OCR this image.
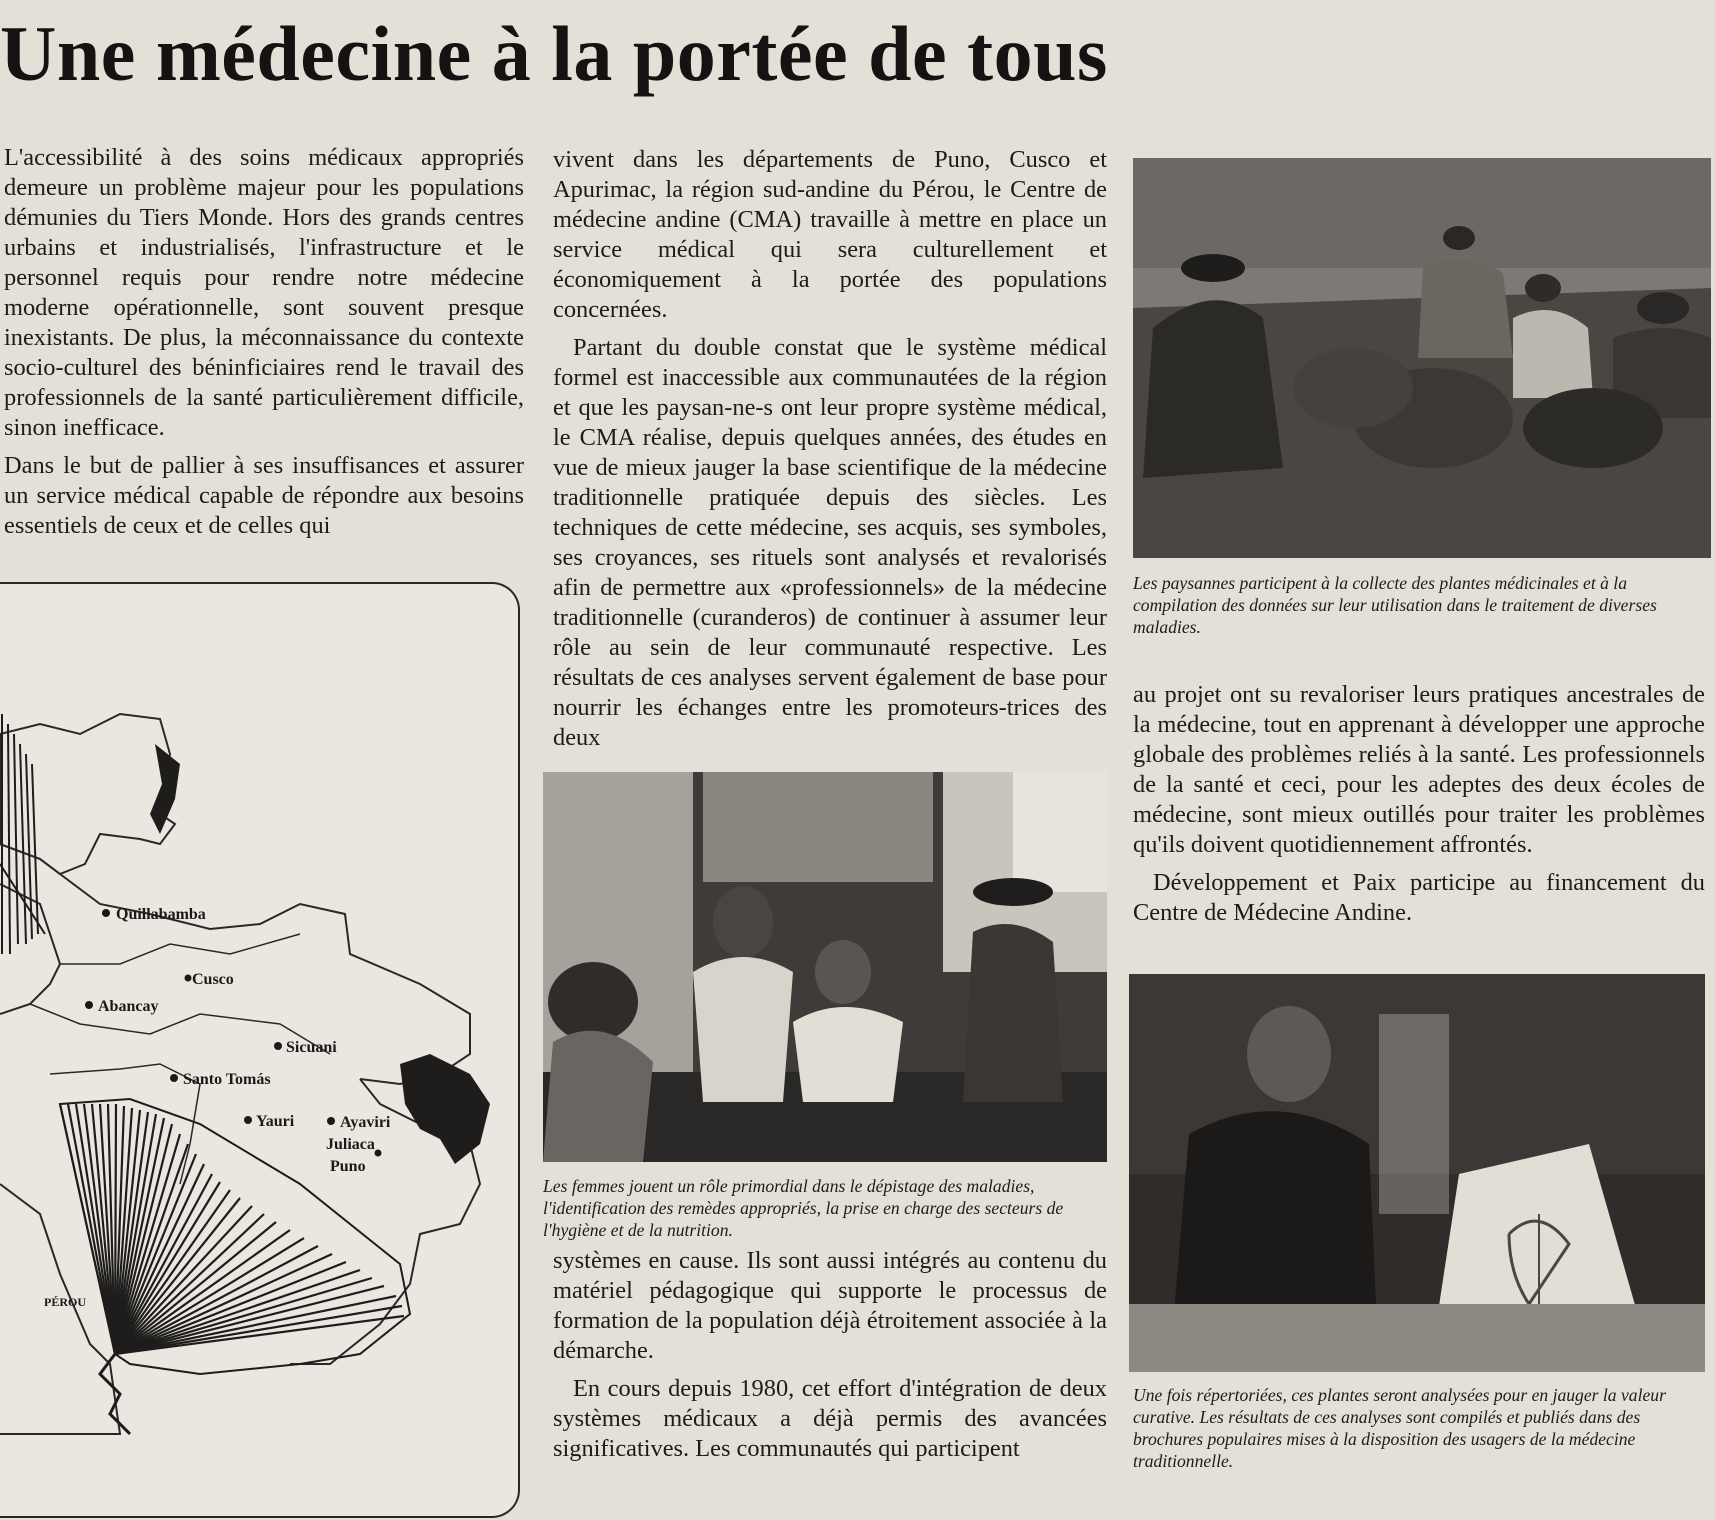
Une médecine à la portée de tous

L'accessibilité à des soins médicaux appropriés demeure un problème majeur pour les populations démunies du Tiers Monde. Hors des grands centres urbains et industrialisés, l'infrastructure et le personnel requis pour rendre notre médecine moderne opérationnelle, sont souvent presque inexistants. De plus, la méconnaissance du contexte socio-culturel des béninficiaires rend le travail des professionnels de la santé particulièrement difficile, sinon inefficace.

Dans le but de pallier à ses insuffisances et assurer un service médical capable de répondre aux besoins essentiels de ceux et de celles qui

Quillabamba
Cusco
Abancay
Sicuani
Santo Tomás
Yauri	Ayaviri
Juliaca
Puno
PÉROU

vivent dans les départements de Puno, Cusco et Apurimac, la région sud-andine du Pérou, le Centre de médecine andine (CMA) travaille à mettre en place un service médical qui sera culturellement et économiquement à la portée des populations concernées.

Partant du double constat que le système médical formel est inaccessible aux communautées de la région et que les paysan-ne-s ont leur propre système médical, le CMA réalise, depuis quelques années, des études en vue de mieux jauger la base scientifique de la médecine traditionnelle pratiquée depuis des siècles. Les techniques de cette médecine, ses acquis, ses symboles, ses croyances, ses rituels sont analysés et revalorisés afin de permettre aux «professionnels» de la médecine traditionnelle (curanderos) de continuer à assumer leur rôle au sein de leur communauté respective. Les résultats de ces analyses servent également de base pour nourrir les échanges entre les promoteurs-trices des deux

Les femmes jouent un rôle primordial dans le dépistage des maladies, l'identification des remèdes appropriés, la prise en charge des secteurs de l'hygiène et de la nutrition.

systèmes en cause. Ils sont aussi intégrés au contenu du matériel pédagogique qui supporte le processus de formation de la population déjà étroitement associée à la démarche.

En cours depuis 1980, cet effort d'intégration de deux systèmes médicaux a déjà permis des avancées significatives. Les communautés qui participent

Les paysannes participent à la collecte des plantes médicinales et à la compilation des données sur leur utilisation dans le traitement de diverses maladies.

au projet ont su revaloriser leurs pratiques ancestrales de la médecine, tout en apprenant à développer une approche globale des problèmes reliés à la santé. Les professionnels de la santé et ceci, pour les adeptes des deux écoles de médecine, sont mieux outillés pour traiter les problèmes qu'ils doivent quotidiennement affrontés.

Développement et Paix participe au financement du Centre de Médecine Andine.

Une fois répertoriées, ces plantes seront analysées pour en jauger la valeur curative. Les résultats de ces analyses sont compilés et publiés dans des brochures populaires mises à la disposition des usagers de la médecine traditionnelle.
